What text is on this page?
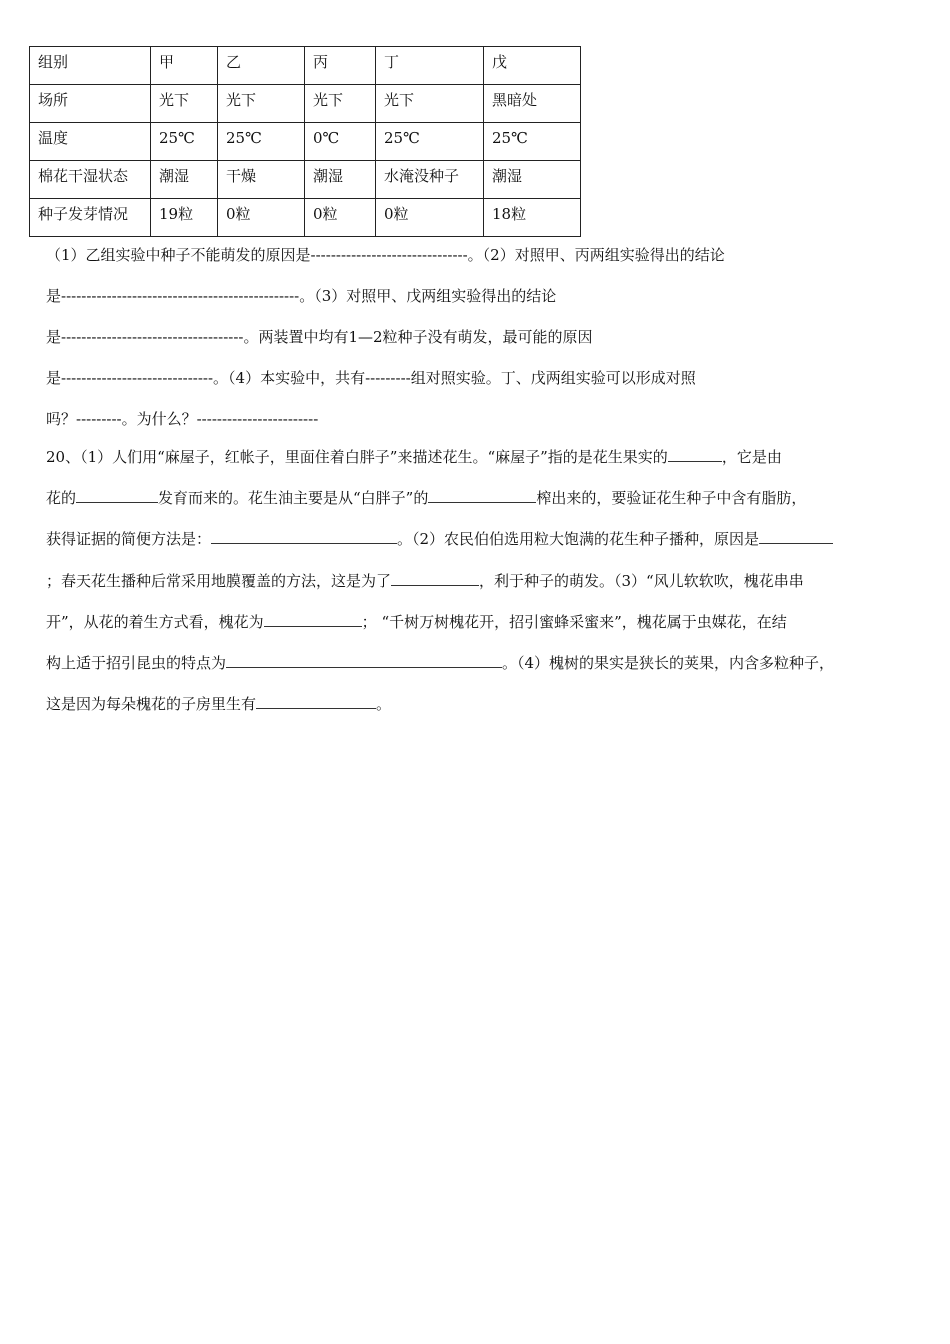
组别	甲	乙	丙	丁	戊
场所	光下	光下	光下	光下	黑暗处
温度	25℃	25℃	0℃	25℃	25℃
棉花干湿状态	潮湿	干燥	潮湿	水淹没种子	潮湿
种子发芽情况	19粒	0粒	0粒	0粒	18粒
（1）乙组实验中种子不能萌发的原因是-------------------------------。（2）对照甲、丙两组实验得出的结论
是-----------------------------------------------。（3）对照甲、戊两组实验得出的结论
是------------------------------------。两装置中均有1—2粒种子没有萌发，最可能的原因
是------------------------------。（4）本实验中，共有---------组对照实验。丁、戊两组实验可以形成对照
吗？---------。为什么？------------------------
20、（1）人们用“麻屋子，红帐子，里面住着白胖子”来描述花生。“麻屋子”指的是花生果实的	，它是由
花的	发育而来的。花生油主要是从“白胖子”的	榨出来的，要验证花生种子中含有脂肪，
获得证据的简便方法是：	。（2）农民伯伯选用粒大饱满的花生种子播种，原因是
；春天花生播种后常采用地膜覆盖的方法，这是为了	，利于种子的萌发。（3）“风儿软软吹，槐花串串
开”，从花的着生方式看，槐花为	； “千树万树槐花开，招引蜜蜂采蜜来”，槐花属于虫媒花，在结
构上适于招引昆虫的特点为	。（4）槐树的果实是狭长的荚果，内含多粒种子，
这是因为每朵槐花的子房里生有	。
